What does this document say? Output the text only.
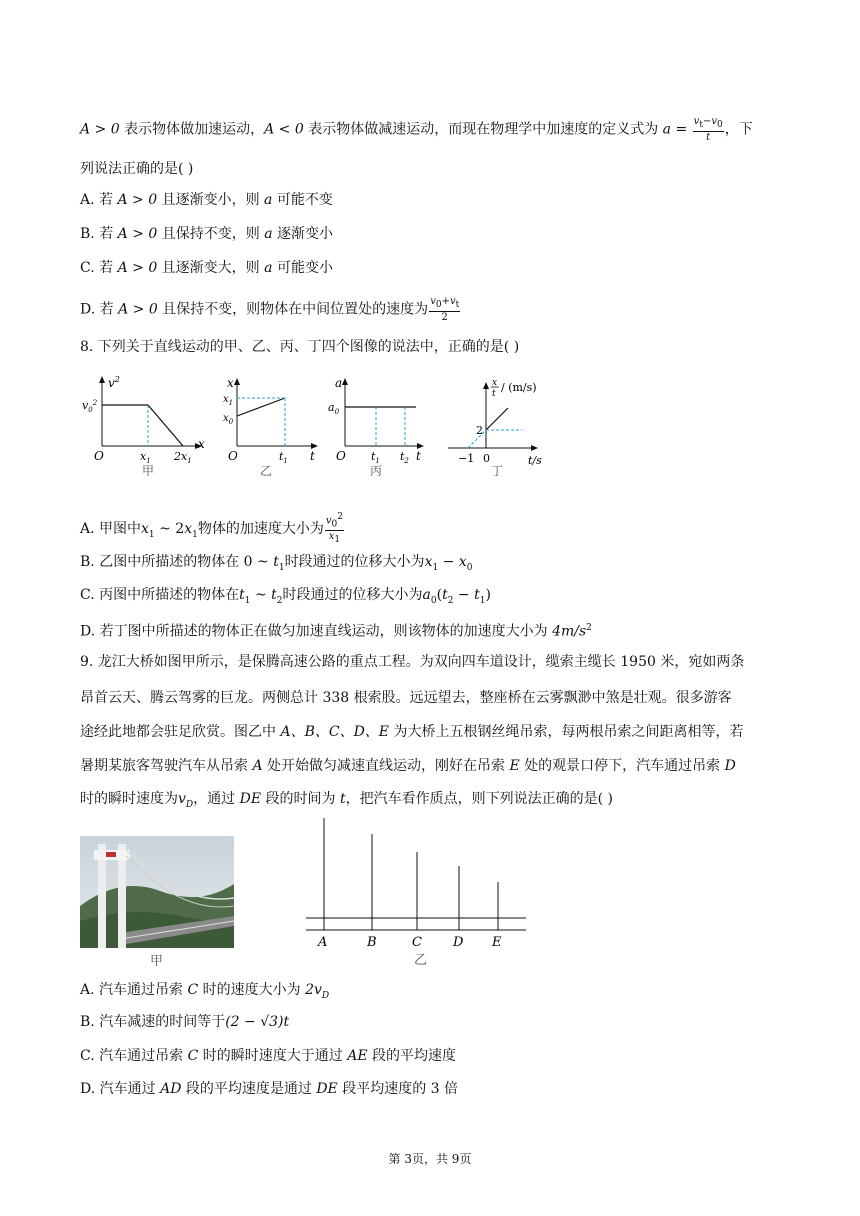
A > 0 表示物体做加速运动，A < 0 表示物体做减速运动，而现在物理学中加速度的定义式为 $a = \frac{v_t-v_0}{t}$ ，下
列说法正确的是( )
A. 若 A > 0 且逐渐变小，则 a 可能不变
B. 若 A > 0 且保持不变，则 a 逐渐变小
C. 若 A > 0 且逐渐变大，则 a 可能变小
D. 若 A > 0 且保持不变，则物体在中间位置处的速度为 $\frac{v_0+v_t}{2}$
8. 下列关于直线运动的甲、乙、丙、丁四个图像的说法中，正确的是( )
$v^2$
$v_0^2$
O	$x_1$ $2x_1$
x
甲
x
$x_1$
$x_0$
O	$t_1$ t
乙
a
$a_0$
O $t_1$ $t_2$ t
丙
x
t / (m/s)
2
−1 0	t/s
丁
A. 甲图中$x_1$ ~ $2x_1$物体的加速度大小为 $\frac{v_0^2}{x_1}$
B. 乙图中所描述的物体在 0 ~ $t_1$时段通过的位移大小为$x_1 - x_0$
C. 丙图中所描述的物体在$t_1$ ~ $t_2$时段通过的位移大小为$a_0(t_2 - t_1)$
D. 若丁图中所描述的物体正在做匀加速直线运动，则该物体的加速度大小为 $4m/s^2$
9. 龙江大桥如图甲所示，是保腾高速公路的重点工程。为双向四车道设计，缆索主缆长 1950 米，宛如两条
昂首云天、腾云驾雾的巨龙。两侧总计 338 根索股。远远望去，整座桥在云雾飘渺中煞是壮观。很多游客
途经此地都会驻足欣赏。图乙中 A、B、C、D、E 为大桥上五根钢丝绳吊索，每两根吊索之间距离相等，若
暑期某旅客驾驶汽车从吊索 A 处开始做匀减速直线运动，刚好在吊索 E 处的观景口停下，汽车通过吊索 D
时的瞬时速度为$v_D$，通过 DE 段的时间为 t，把汽车看作质点，则下列说法正确的是( )
甲
A	B	C D E
乙
A. 汽车通过吊索 C 时的速度大小为 $2v_D$
B. 汽车减速的时间等于(2 − √3)t
C. 汽车通过吊索 C 时的瞬时速度大于通过 AE 段的平均速度
D. 汽车通过 AD 段的平均速度是通过 DE 段平均速度的 3 倍
第 3页，共 9页
